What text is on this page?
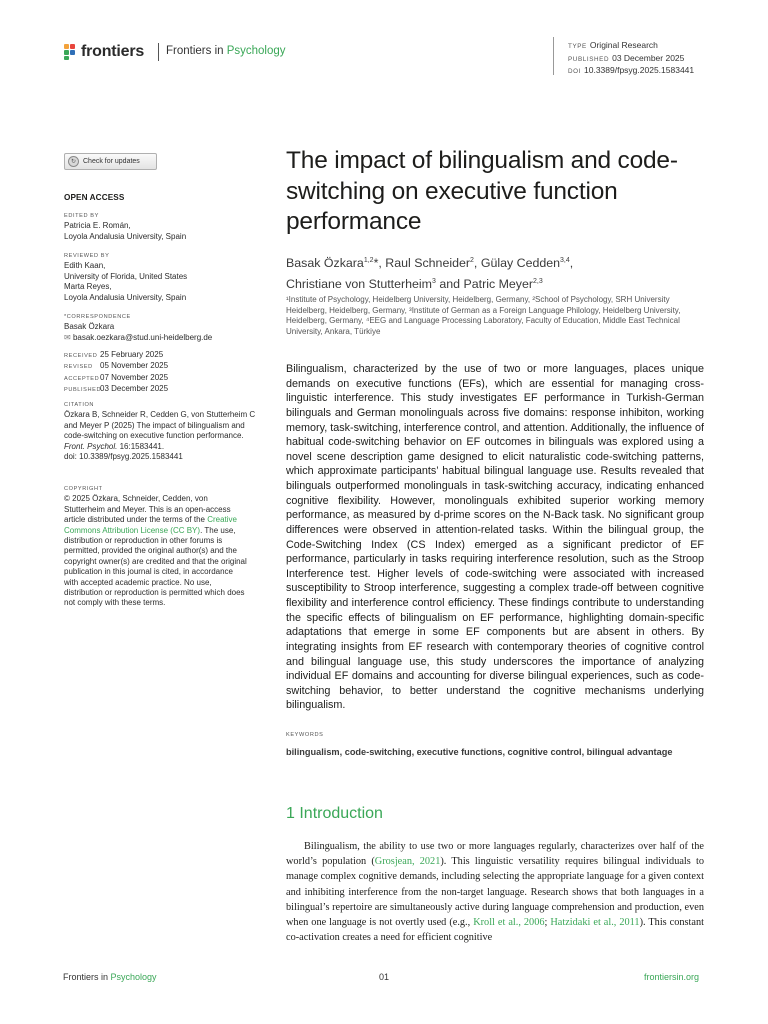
frontiers Frontiers in Psychology	TYPE Original Research
PUBLISHED 03 December 2025
DOI 10.3389/fpsyg.2025.1583441
↻ Check for updates
OPEN ACCESS
EDITED BY
Patricia E. Román,
Loyola Andalusia University, Spain
REVIEWED BY
Edith Kaan,
University of Florida, United States
Marta Reyes,
Loyola Andalusia University, Spain
*CORRESPONDENCE
Basak Özkara
✉ basak.oezkara@stud.uni-heidelberg.de
RECEIVED 25 February 2025
REVISED 05 November 2025
ACCEPTED07 November 2025
PUBLISHED03 December 2025
CITATION
Özkara B, Schneider R, Cedden G, von Stutterheim C and Meyer P (2025) The impact of bilingualism and code-switching on executive function performance.
Front. Psychol. 16:1583441.
doi: 10.3389/fpsyg.2025.1583441
COPYRIGHT
© 2025 Özkara, Schneider, Cedden, von Stutterheim and Meyer. This is an open-access article distributed under the terms of the Creative Commons Attribution License (CC BY). The use, distribution or reproduction in other forums is permitted, provided the original author(s) and the copyright owner(s) are credited and that the original publication in this journal is cited, in accordance with accepted academic practice. No use, distribution or reproduction is permitted which does not comply with these terms.
The impact of bilingualism and code-switching on executive function performance
Basak Özkara$^{1,2}$*, Raul Schneider$^2$, Gülay Cedden$^{3,4}$,
Christiane von Stutterheim$^3$ and Patric Meyer$^{2,3}$
¹Institute of Psychology, Heidelberg University, Heidelberg, Germany, ²School of Psychology, SRH University Heidelberg, Heidelberg, Germany, ³Institute of German as a Foreign Language Philology, Heidelberg University, Heidelberg, Germany, ⁴EEG and Language Processing Laboratory, Faculty of Education, Middle East Technical University, Ankara, Türkiye
Bilingualism, characterized by the use of two or more languages, places unique demands on executive functions (EFs), which are essential for managing cross-linguistic interference. This study investigates EF performance in Turkish-German bilinguals and German monolinguals across five domains: response inhibiton, working memory, task-switching, interference control, and attention. Additionally, the influence of habitual code-switching behavior on EF outcomes in bilinguals was explored using a novel scene description game designed to elicit naturalistic code-switching patterns, which approximate participants’ habitual bilingual language use. Results revealed that bilinguals outperformed monolinguals in task-switching accuracy, indicating enhanced cognitive flexibility. However, monolinguals exhibited superior working memory performance, as measured by d-prime scores on the N-Back task. No significant group differences were observed in attention-related tasks. Within the bilingual group, the Code-Switching Index (CS Index) emerged as a significant predictor of EF performance, particularly in tasks requiring interference resolution, such as the Stroop Interference test. Higher levels of code-switching were associated with increased susceptibility to Stroop interference, suggesting a complex trade-off between cognitive flexibility and interference control efficiency. These findings contribute to understanding the specific effects of bilingualism on EF performance, highlighting domain-specific adaptations that emerge in some EF components but are absent in others. By integrating insights from EF research with contemporary theories of cognitive control and bilingual language use, this study underscores the importance of analyzing individual EF domains and accounting for diverse bilingual experiences, such as code-switching behavior, to better understand the cognitive mechanisms underlying bilingualism.
KEYWORDS
bilingualism, code-switching, executive functions, cognitive control, bilingual advantage
1 Introduction
Bilingualism, the ability to use two or more languages regularly, characterizes over half of the world’s population (Grosjean, 2021). This linguistic versatility requires bilingual individuals to manage complex cognitive demands, including selecting the appropriate language for a given context and inhibiting interference from the non-target language. Research shows that both languages in a bilingual’s repertoire are simultaneously active during language comprehension and production, even when one language is not overtly used (e.g., Kroll et al., 2006; Hatzidaki et al., 2011). This constant co-activation creates a need for efficient cognitive
Frontiers in Psychology	01	frontiersin.org
